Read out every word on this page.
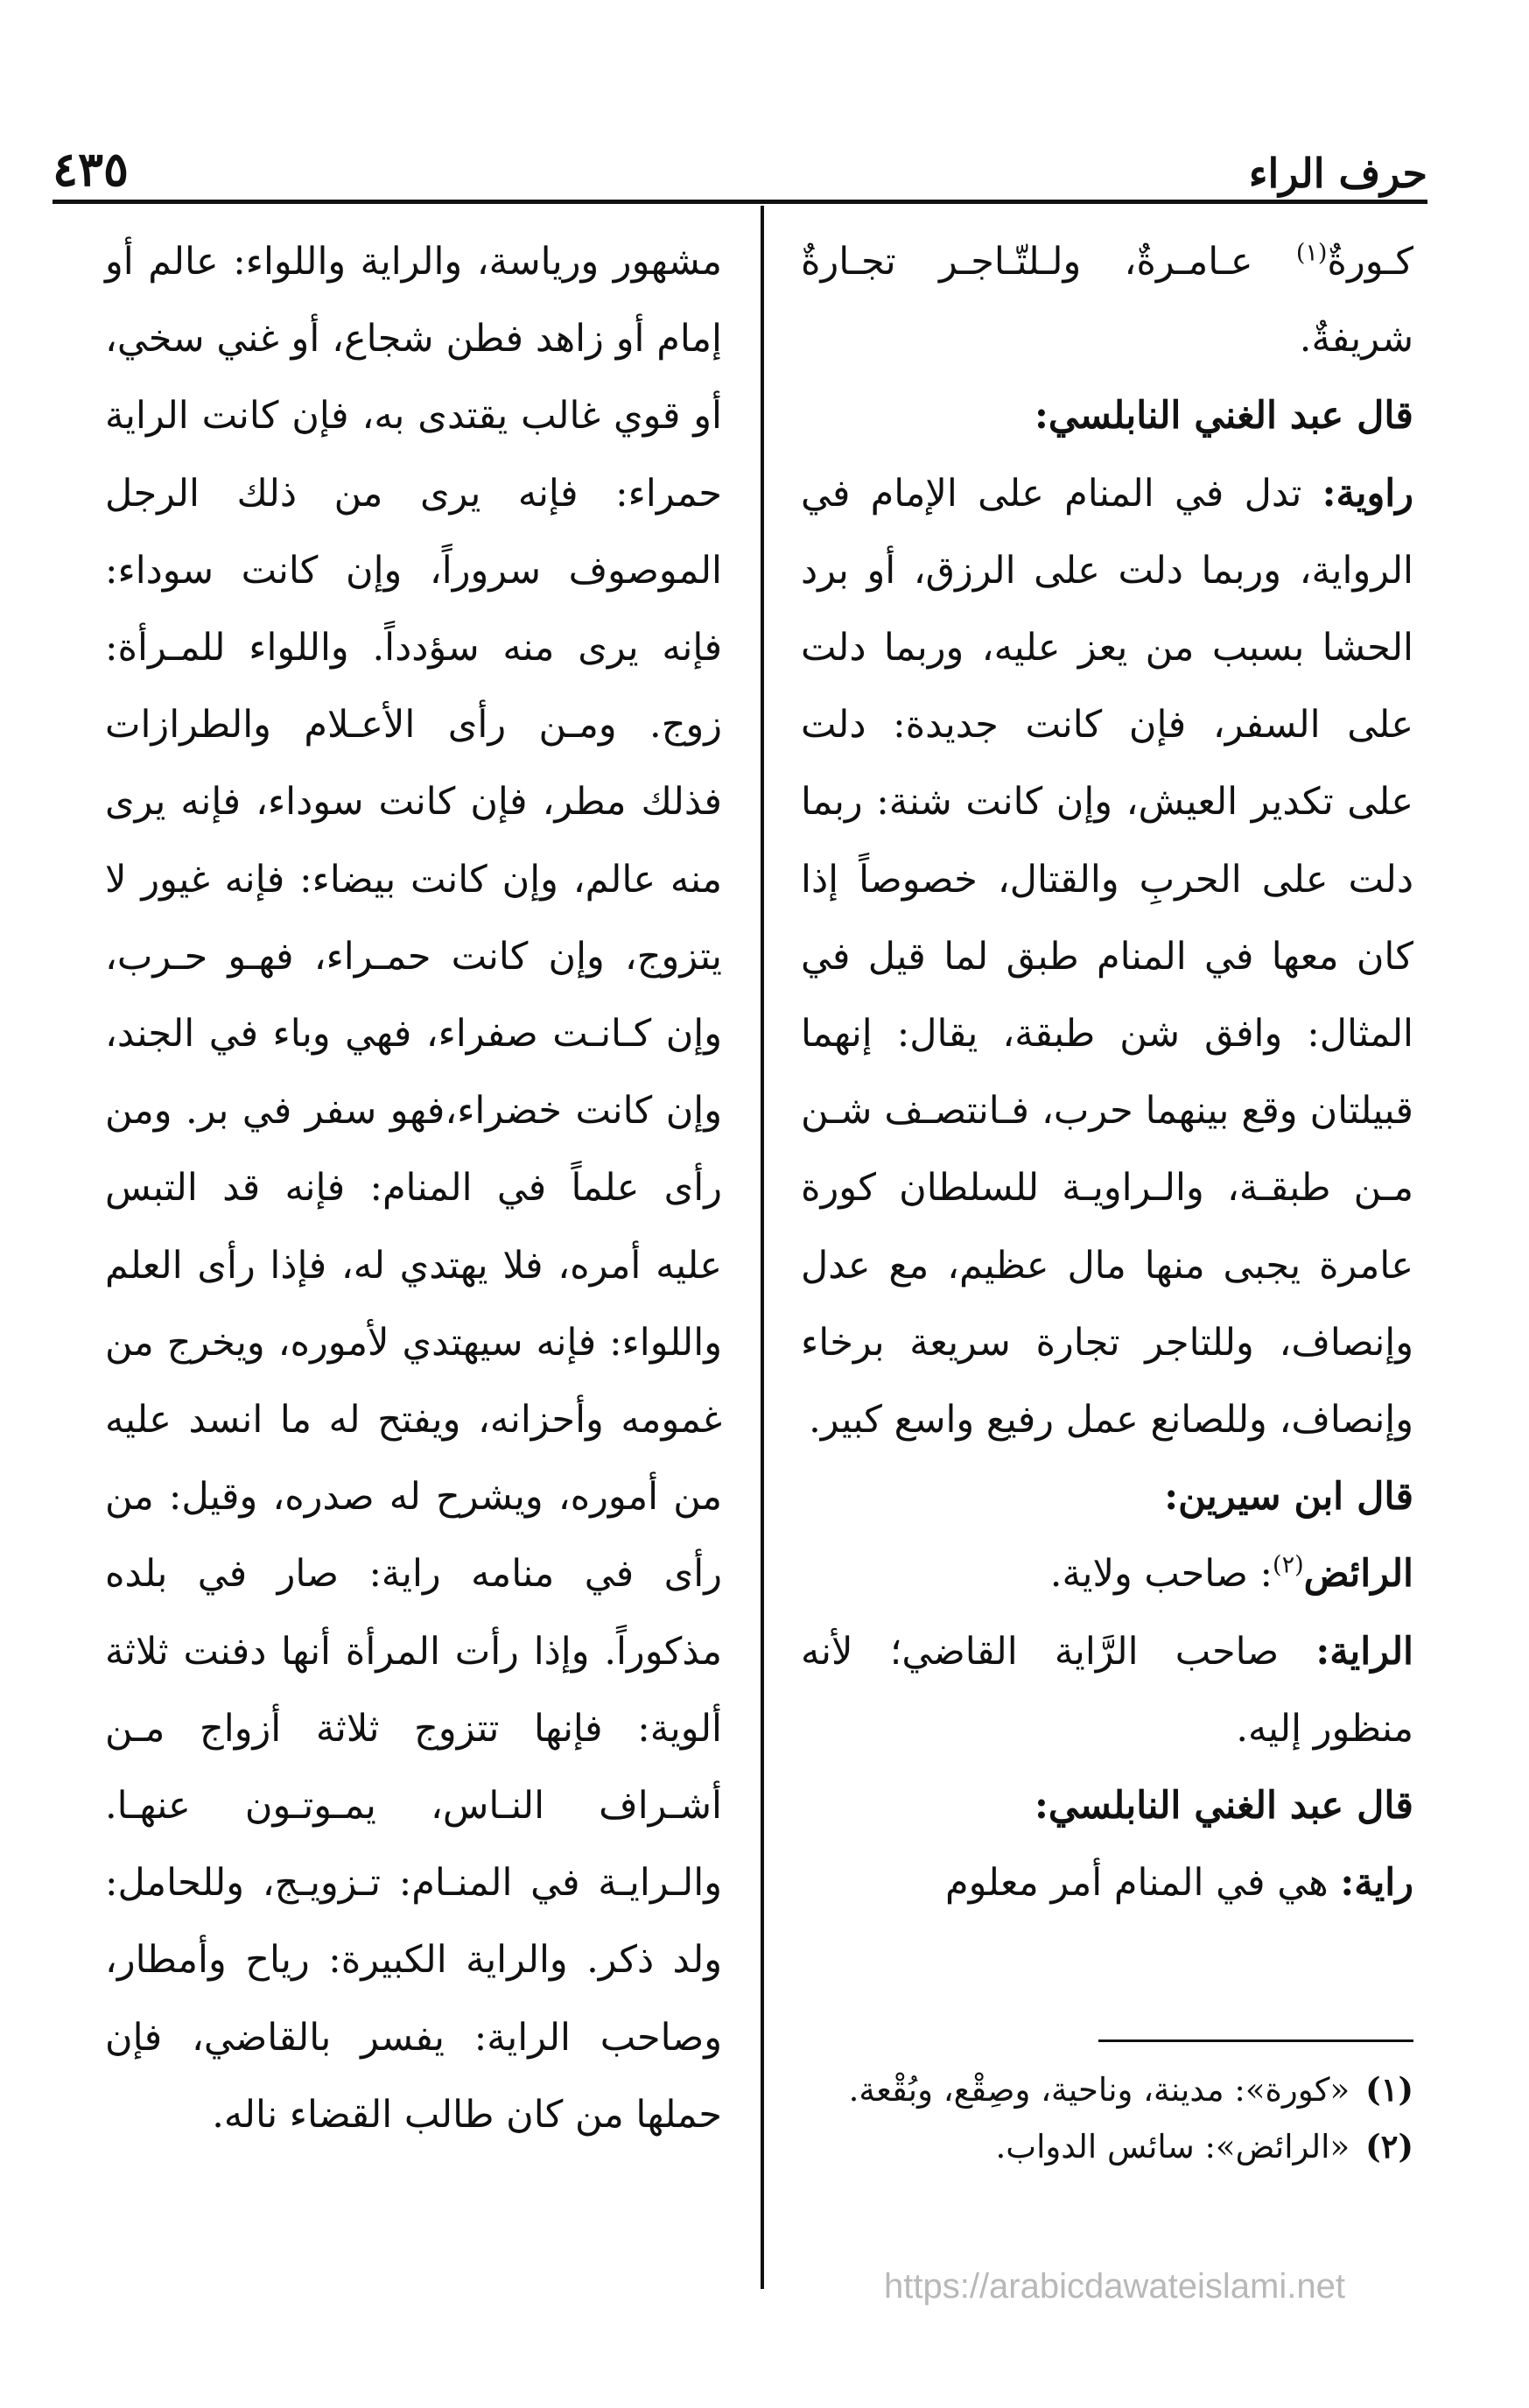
حرف الراء
٤٣٥

كـورةٌ$^{(١)}$ عـامـرةٌ، ولـلتّـاجـر تجـارةٌ شريفةٌ.

قال عبد الغني النابلسي:

راوية: تدل في المنام على الإمام في الرواية، وربما دلت على الرزق، أو برد الحشا بسبب من يعز عليه، وربما دلت على السفر، فإن كانت جديدة: دلت على تكدير العيش، وإن كانت شنة: ربما دلت على الحربِ والقتال، خصوصاً إذا كان معها في المنام طبق لما قيل في المثال: وافق شن طبقة، يقال: إنهما قبيلتان وقع بينهما حرب، فـانتصـف شـن مـن طبقـة، والـراويـة للسلطان كورة عامرة يجبى منها مال عظيم، مع عدل وإنصاف، وللتاجر تجارة سريعة برخاء وإنصاف، وللصانع عمل رفيع واسع كبير.

قال ابن سيرين:

الرائض$^{(٢)}$: صاحب ولاية.

الراية: صاحب الرَّاية القاضي؛ لأنه منظور إليه.

قال عبد الغني النابلسي:

راية: هي في المنام أمر معلوم

مشهور ورياسة، والراية واللواء: عالم أو إمام أو زاهد فطن شجاع، أو غني سخي، أو قوي غالب يقتدى به، فإن كانت الراية حمراء: فإنه يرى من ذلك الرجل الموصوف سروراً، وإن كانت سوداء: فإنه يرى منه سؤدداً. واللواء للمـرأة: زوج. ومـن رأى الأعـلام والطرازات فذلك مطر، فإن كانت سوداء، فإنه يرى منه عالم، وإن كانت بيضاء: فإنه غيور لا يتزوج، وإن كانت حمـراء، فهـو حـرب، وإن كـانـت صفراء، فهي وباء في الجند، وإن كانت خضراء،فهو سفر في بر. ومن رأى علماً في المنام: فإنه قد التبس عليه أمره، فلا يهتدي له، فإذا رأى العلم واللواء: فإنه سيهتدي لأموره، ويخرج من غمومه وأحزانه، ويفتح له ما انسد عليه من أموره، ويشرح له صدره، وقيل: من رأى في منامه راية: صار في بلده مذكوراً. وإذا رأت المرأة أنها دفنت ثلاثة ألوية: فإنها تتزوج ثلاثة أزواج مـن أشـراف النـاس، يمـوتـون عنهـا. والـرايـة في المنـام: تـزويـج، وللحامل: ولد ذكر. والراية الكبيرة: رياح وأمطار، وصاحب الراية: يفسر بالقاضي، فإن حملها من كان طالب القضاء ناله.

(١)«كورة»: مدينة، وناحية، وصِقْع، وبُقْعة.

(٢)«الرائض»: سائس الدواب.

https://arabicdawateislami.net
